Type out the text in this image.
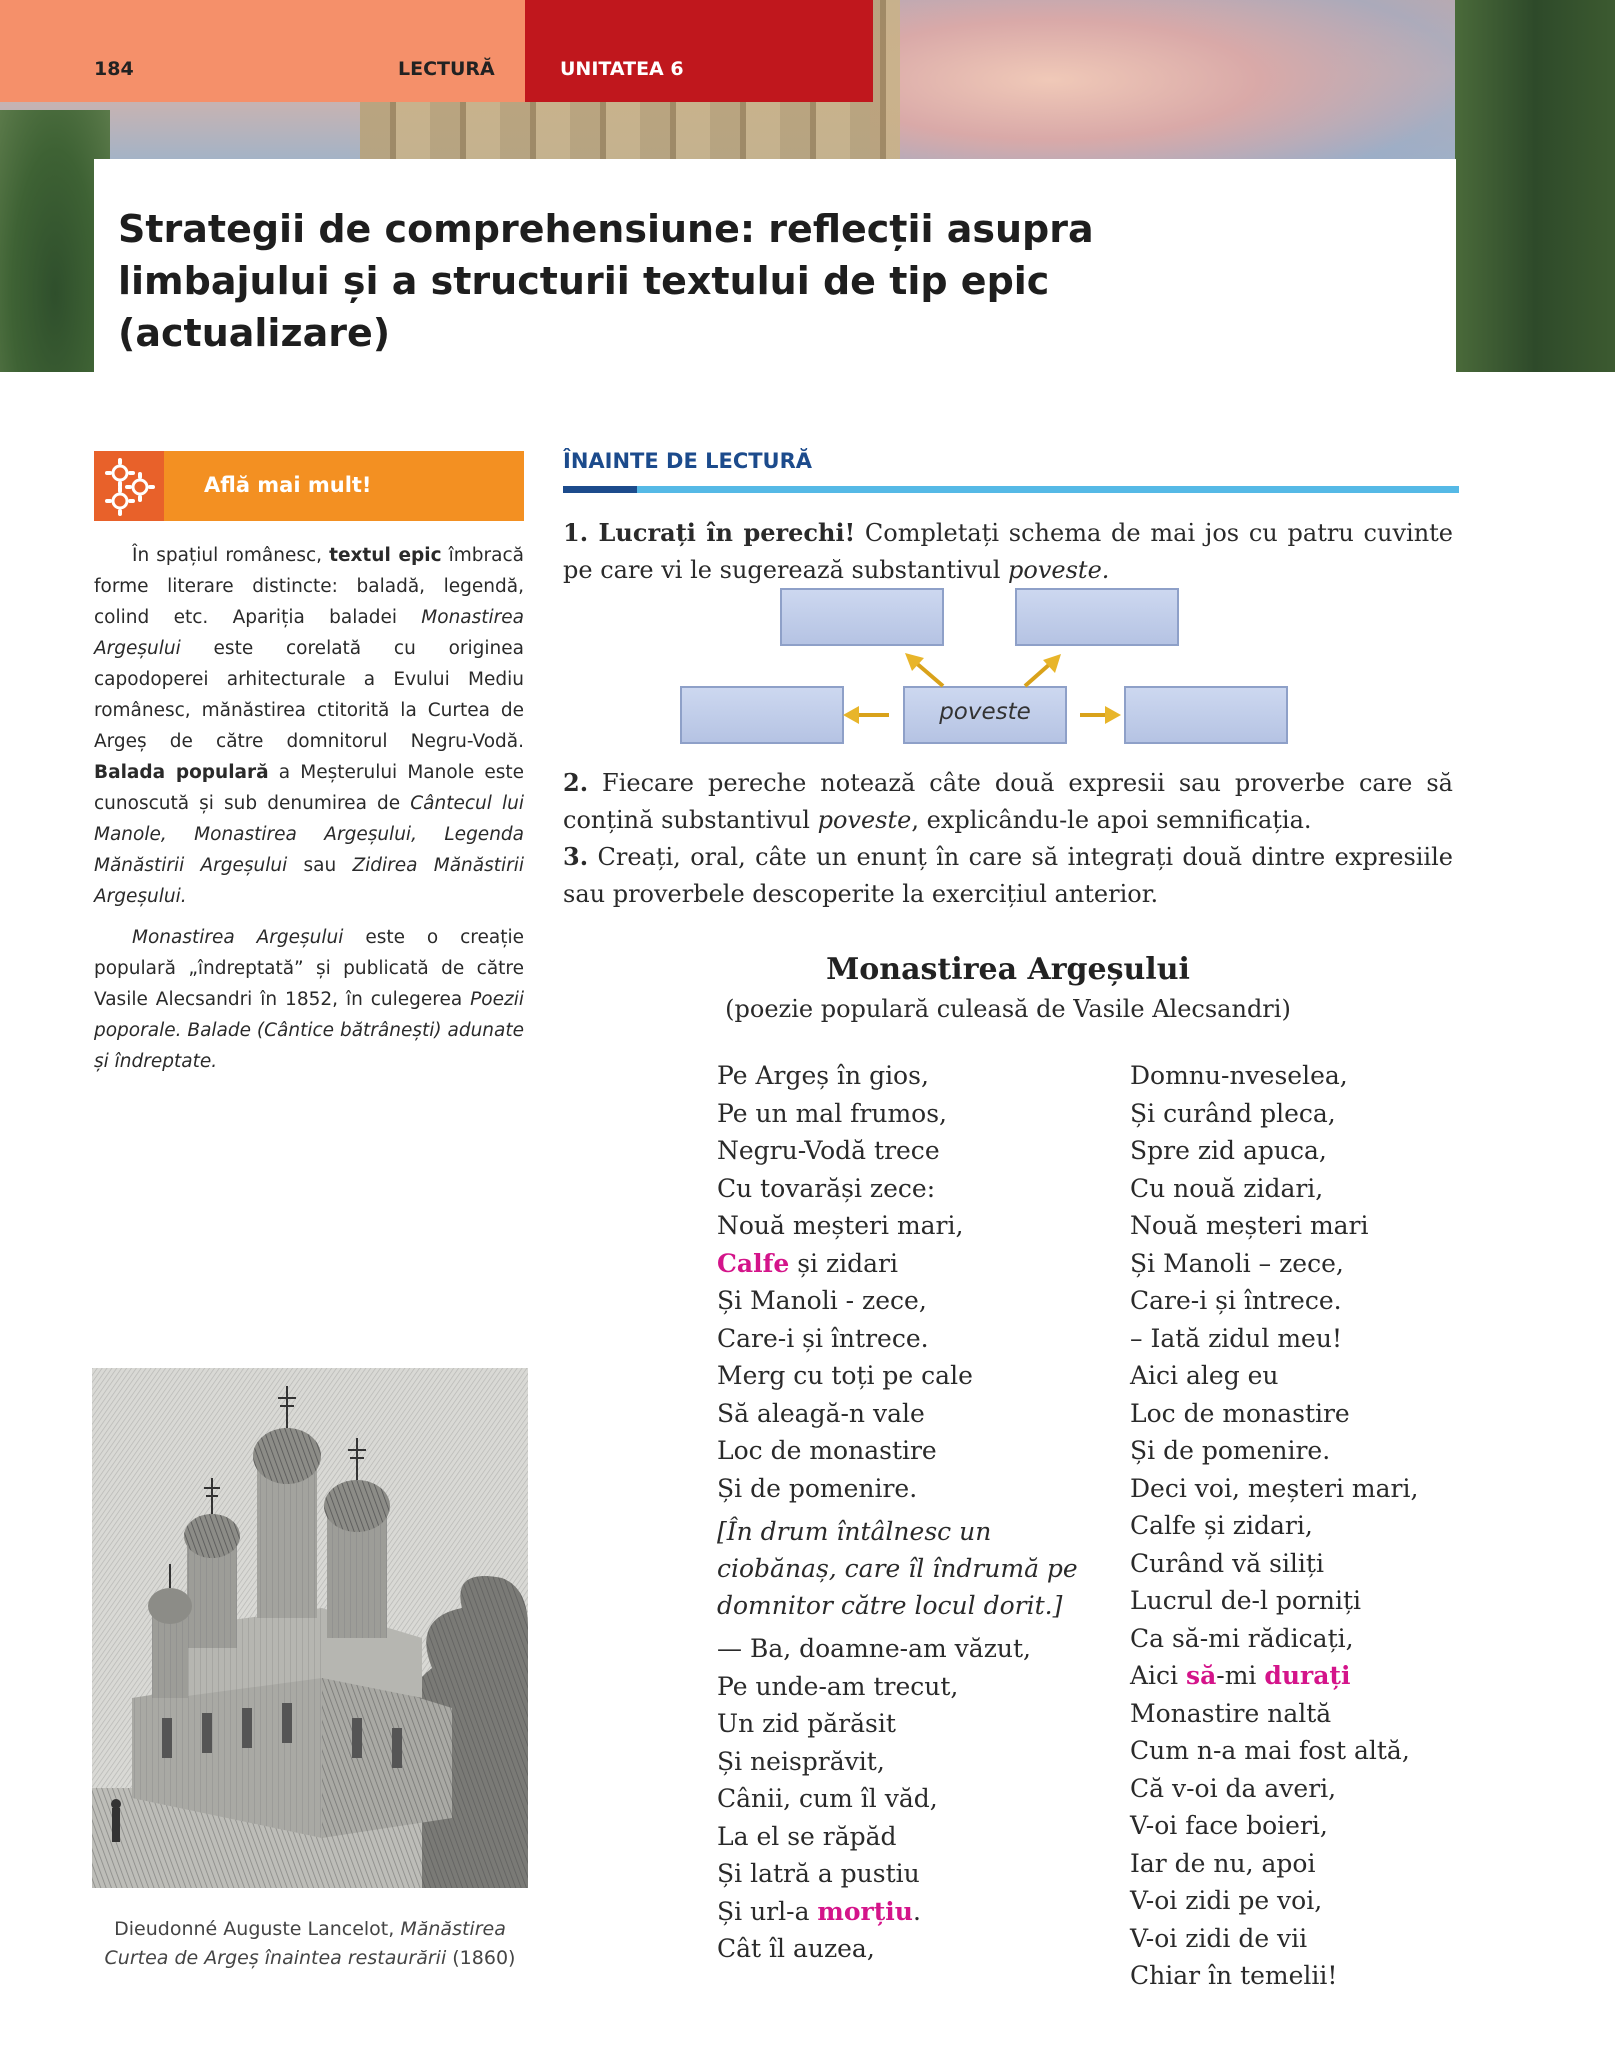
184	LECTURĂ	UNITATEA 6
Strategii de comprehensiune: reflecții asupra limbajului și a structurii textului de tip epic (actualizare)
Află mai mult!

În spațiul românesc, textul epic îmbracă forme literare distincte: baladă, legendă, colind etc. Apariția baladei Monastirea Argeșului este corelată cu originea capodoperei arhitecturale a Evului Mediu românesc, mănăstirea ctitorită la Curtea de Argeș de către domnitorul Negru-Vodă. Balada populară a Meșterului Manole este cunoscută și sub denumirea de Cântecul lui Manole, Monastirea Argeșului, Legenda Mănăstirii Argeșului sau Zidirea Mănăstirii Argeșului.

Monastirea Argeșului este o creație populară „îndreptată” și publicată de către Vasile Alecsandri în 1852, în culegerea Poezii poporale. Balade (Cântice bătrânești) adunate și îndreptate.

Dieudonné Auguste Lancelot, Mănăstirea Curtea de Argeș înaintea restaurării (1860)
ÎNAINTE DE LECTURĂ
1. Lucrați în perechi! Completați schema de mai jos cu patru cuvinte pe care vi le sugerează substantivul poveste.
poveste
2. Fiecare pereche notează câte două expresii sau proverbe care să conțină substantivul poveste, explicându-le apoi semnificația.
3. Creați, oral, câte un enunț în care să integrați două dintre expresiile sau proverbele descoperite la exercițiul anterior.
Monastirea Argeșului
(poezie populară culeasă de Vasile Alecsandri)
Pe Argeș în gios,
Pe un mal frumos,
Negru-Vodă trece
Cu tovarăși zece:
Nouă meșteri mari,
Calfe și zidari
Și Manoli - zece,
Care-i și întrece.
Merg cu toți pe cale
Să aleagă-n vale
Loc de monastire
Și de pomenire.
[În drum întâlnesc un ciobănaș, care îl îndrumă pe domnitor către locul dorit.]
— Ba, doamne-am văzut,
Pe unde-am trecut,
Un zid părăsit
Și neisprăvit,
Cânii, cum îl văd,
La el se răpăd
Și latră a pustiu
Și url-a morțiu.
Cât îl auzea,
Domnu-nveselea,
Și curând pleca,
Spre zid apuca,
Cu nouă zidari,
Nouă meșteri mari
Și Manoli – zece,
Care-i și întrece.
– Iată zidul meu!
Aici aleg eu
Loc de monastire
Și de pomenire.
Deci voi, meșteri mari,
Calfe și zidari,
Curând vă siliți
Lucrul de-l porniți
Ca să-mi rădicați,
Aici să-mi durați
Monastire naltă
Cum n-a mai fost altă,
Că v-oi da averi,
V-oi face boieri,
Iar de nu, apoi
V-oi zidi pe voi,
V-oi zidi de vii
Chiar în temelii!
